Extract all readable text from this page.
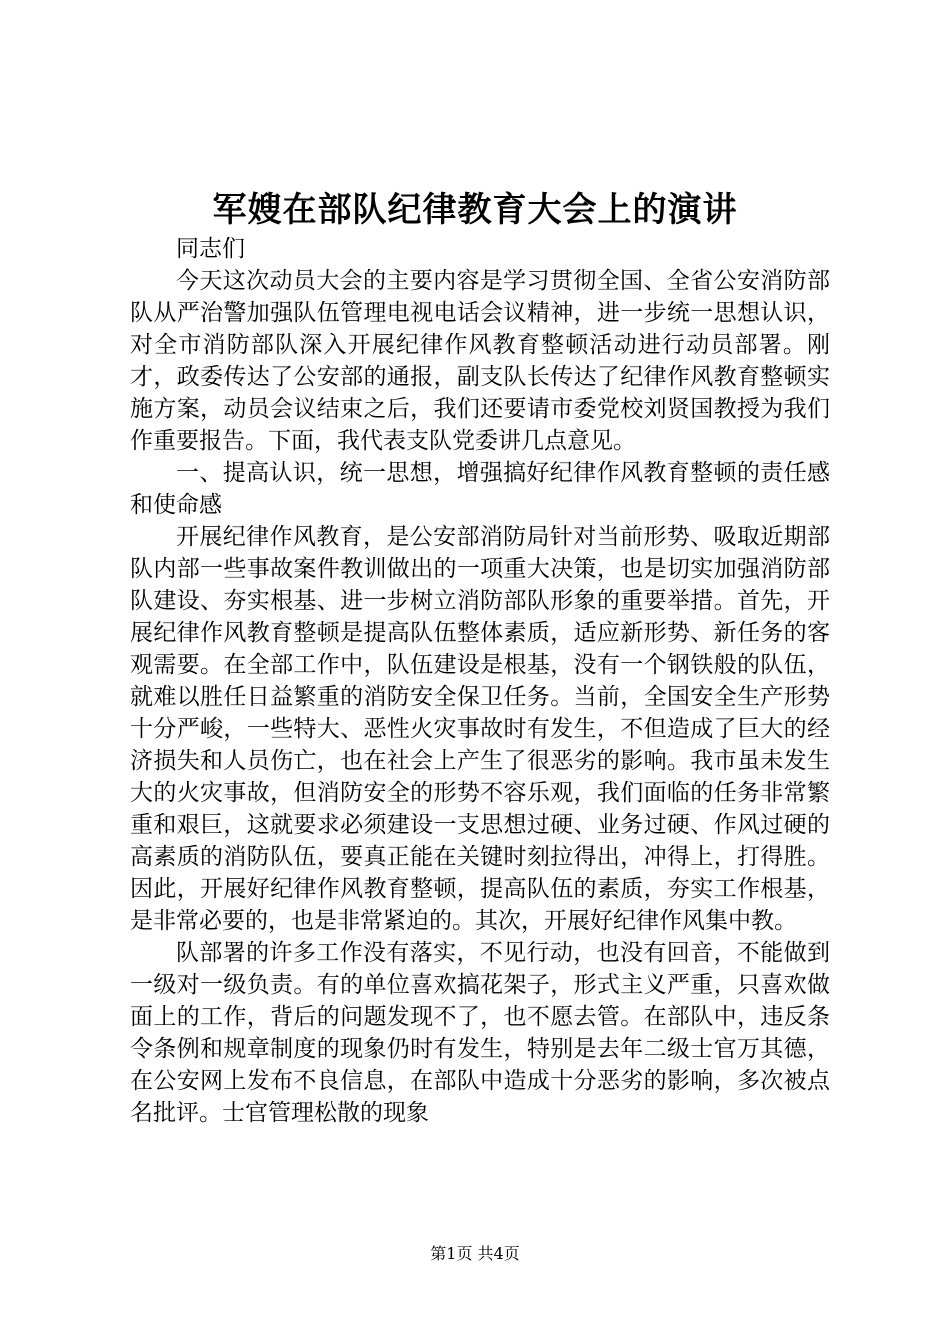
军嫂在部队纪律教育大会上的演讲

同志们

今天这次动员大会的主要内容是学习贯彻全国、全省公安消防部队从严治警加强队伍管理电视电话会议精神，进一步统一思想认识，对全市消防部队深入开展纪律作风教育整顿活动进行动员部署。刚才，政委传达了公安部的通报，副支队长传达了纪律作风教育整顿实施方案，动员会议结束之后，我们还要请市委党校刘贤国教授为我们作重要报告。下面，我代表支队党委讲几点意见。

一、提高认识，统一思想，增强搞好纪律作风教育整顿的责任感和使命感

开展纪律作风教育，是公安部消防局针对当前形势、吸取近期部队内部一些事故案件教训做出的一项重大决策，也是切实加强消防部队建设、夯实根基、进一步树立消防部队形象的重要举措。首先，开展纪律作风教育整顿是提高队伍整体素质，适应新形势、新任务的客观需要。在全部工作中，队伍建设是根基，没有一个钢铁般的队伍，就难以胜任日益繁重的消防安全保卫任务。当前，全国安全生产形势十分严峻，一些特大、恶性火灾事故时有发生，不但造成了巨大的经济损失和人员伤亡，也在社会上产生了很恶劣的影响。我市虽未发生大的火灾事故，但消防安全的形势不容乐观，我们面临的任务非常繁重和艰巨，这就要求必须建设一支思想过硬、业务过硬、作风过硬的高素质的消防队伍，要真正能在关键时刻拉得出，冲得上，打得胜。因此，开展好纪律作风教育整顿，提高队伍的素质，夯实工作根基，是非常必要的，也是非常紧迫的。其次，开展好纪律作风集中教。

队部署的许多工作没有落实，不见行动，也没有回音，不能做到一级对一级负责。有的单位喜欢搞花架子，形式主义严重，只喜欢做面上的工作，背后的问题发现不了，也不愿去管。在部队中，违反条令条例和规章制度的现象仍时有发生，特别是去年二级士官万其德，在公安网上发布不良信息，在部队中造成十分恶劣的影响，多次被点名批评。士官管理松散的现象

第1页 共4页
